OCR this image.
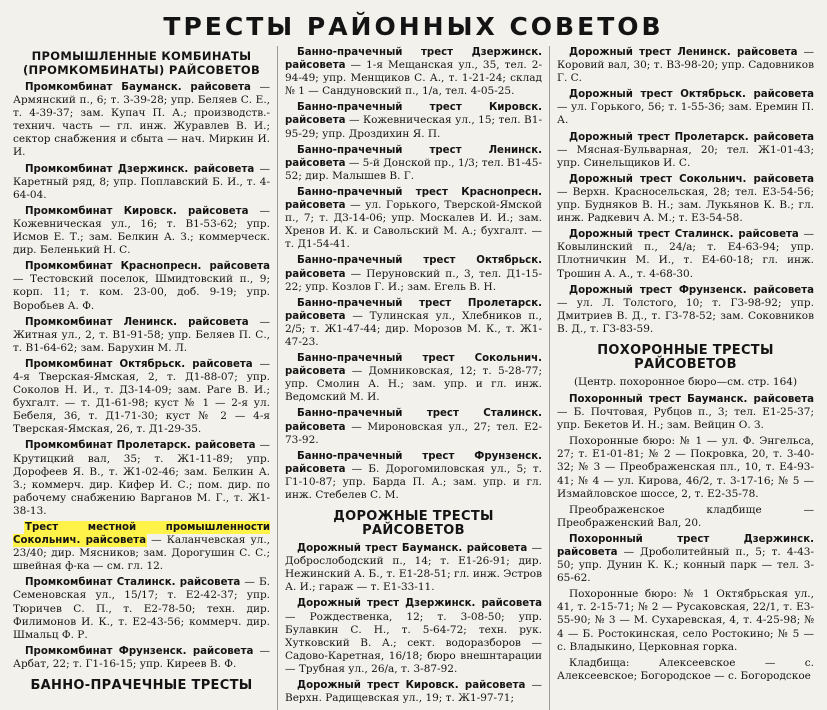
ТРЕСТЫ РАЙОННЫХ СОВЕТОВ
ПРОМЫШЛЕННЫЕ КОМБИНАТЫ
(ПРОМКОМБИНАТЫ) РАЙСОВЕТОВ

Промкомбинат Бауманск. райсовета — Армянский п., 6; т. 3-39-28; упр. Беляев С. Е., т. 4-39-37; зам. Купач П. А.; производств.-технич. часть — гл. инж. Журавлев В. И.; сектор снабжения и сбыта — нач. Миркин И. И.

Промкомбинат Дзержинск. райсовета — Каретный ряд, 8; упр. Поплавский Б. И., т. 4-64-04.

Промкомбинат Кировск. райсовета — Кожевническая ул., 16; т. В1-53-62; упр. Исмов Е. Т.; зам. Белкин А. З.; коммерческ. дир. Беленький Н. С.

Промкомбинат Краснопресн. райсовета — Тестовский поселок, Шмидтовский п., 9; корп. 11; т. ком. 23-00, доб. 9-19; упр. Воробьев А. Ф.

Промкомбинат Ленинск. райсовета — Житная ул., 2, т. В1-91-58; упр. Беляев П. С., т. В1-64-62; зам. Барухин М. Л.

Промкомбинат Октябрьск. райсовета — 4-я Тверская-Ямская, 2, т. Д1-88-07; упр. Соколов Н. И., т. Д3-14-09; зам. Раге В. И.; бухгалт. — т. Д1-61-98; куст № 1 — 2-я ул. Бебеля, 36, т. Д1-71-30; куст № 2 — 4-я Тверская-Ямская, 26, т. Д1-29-35.

Промкомбинат Пролетарск. райсовета — Крутицкий вал, 35; т. Ж1-11-89; упр. Дорофеев Я. В., т. Ж1-02-46; зам. Белкин А. З.; коммерч. дир. Кифер И. С.; пом. дир. по рабочему снабжению Варганов М. Г., т. Ж1-38-13.

Трест местной промышленности Сокольнич. райсовета — Каланчевская ул., 23/40; дир. Мясников; зам. Дорогушин С. С.; швейная ф-ка — см. гл. 12.

Промкомбинат Сталинск. райсовета — Б. Семеновская ул., 15/17; т. Е2-42-37; упр. Тюричев С. П., т. Е2-78-50; техн. дир. Филимонов И. К., т. Е2-43-56; коммерч. дир. Шмальц Ф. Р.

Промкомбинат Фрунзенск. райсовета — Арбат, 22; т. Г1-16-15; упр. Киреев В. Ф.

БАННО-ПРАЧЕЧНЫЕ ТРЕСТЫ

Банно-прачечный трест Дзержинск. райсовета — 1-я Мещанская ул., 35, тел. 2-94-49; упр. Менщиков С. А., т. 1-21-24; склад № 1 — Сандуновский п., 1/а, тел. 4-05-25.

Банно-прачечный трест Кировск. райсовета — Кожевническая ул., 15; тел. В1-95-29; упр. Дроздихин Я. П.

Банно-прачечный трест Ленинск. райсовета — 5-й Донской пр., 1/3; тел. В1-45-52; дир. Малышев В. Г.

Банно-прачечный трест Краснопресн. райсовета — ул. Горького, Тверской-Ямской п., 7; т. Д3-14-06; упр. Москалев И. И.; зам. Хренов И. К. и Савольский М. А.; бухгалт. — т. Д1-54-41.

Банно-прачечный трест Октябрьск. райсовета — Перуновский п., 3, тел. Д1-15-22; упр. Козлов Г. И.; зам. Егель В. Н.

Банно-прачечный трест Пролетарск. райсовета — Тулинская ул., Хлебников п., 2/5; т. Ж1-47-44; дир. Морозов М. К., т. Ж1-47-23.

Банно-прачечный трест Сокольнич. райсовета — Домниковская, 12; т. 5-28-77; упр. Смолин А. Н.; зам. упр. и гл. инж. Ведомский М. И.

Банно-прачечный трест Сталинск. райсовета — Мироновская ул., 27; тел. Е2-73-92.

Банно-прачечный трест Фрунзенск. райсовета — Б. Дорогомиловская ул., 5; т. Г1-10-87; упр. Барда П. А.; зам. упр. и гл. инж. Стебелев С. М.

ДОРОЖНЫЕ ТРЕСТЫ РАЙСОВЕТОВ

Дорожный трест Бауманск. райсовета — Доброслободский п., 14; т. Е1-26-91; дир. Нежинский А. Б., т. Е1-28-51; гл. инж. Эстров А. И.; гараж — т. Е1-33-11.

Дорожный трест Дзержинск. райсовета — Рождественка, 12; т. 3-08-50; упр. Булавкин С. Н., т. 5-64-72; техн. рук. Хутковский В. А.; сект. водоразборов — Садово-Каретная, 16/18; бюро внешнтарации — Трубная ул., 26/а, т. 3-87-92.

Дорожный трест Кировск. райсовета — Верхн. Радищевская ул., 19; т. Ж1-97-71;

Дорожный трест Ленинск. райсовета — Коровий вал, 30; т. В3-98-20; упр. Садовников Г. С.

Дорожный трест Октябрьск. райсовета — ул. Горького, 56; т. 1-55-36; зам. Еремин П. А.

Дорожный трест Пролетарск. райсовета — Мясная-Бульварная, 20; тел. Ж1-01-43; упр. Синельщиков И. С.

Дорожный трест Сокольнич. райсовета — Верхн. Красносельская, 28; тел. Е3-54-56; упр. Будняков В. Н.; зам. Лукьянов К. В.; гл. инж. Радкевич А. М.; т. Е3-54-58.

Дорожный трест Сталинск. райсовета — Ковылинский п., 24/а; т. Е4-63-94; упр. Плотничкин М. И., т. Е4-60-18; гл. инж. Трошин А. А., т. 4-68-30.

Дорожный трест Фрунзенск. райсовета — ул. Л. Толстого, 10; т. Г3-98-92; упр. Дмитриев В. Д., т. Г3-78-52; зам. Соковников В. Д., т. Г3-83-59.

ПОХОРОННЫЕ ТРЕСТЫ РАЙСОВЕТОВ
(Центр. похоронное бюро—см. стр. 164)

Похоронный трест Бауманск. райсовета — Б. Почтовая, Рубцов п., 3; тел. Е1-25-37; упр. Бекетов И. Н.; зам. Вейцин О. З.

Похоронные бюро: № 1 — ул. Ф. Энгельса, 27; т. Е1-01-81; № 2 — Покровка, 20, т. 3-40-32; № 3 — Преображенская пл., 10, т. Е4-93-41; № 4 — ул. Кирова, 46/2, т. 3-17-16; № 5 — Измайловское шоссе, 2, т. Е2-35-78.

Преображенское кладбище — Преображенский Вал, 20.

Похоронный трест Дзержинск. райсовета — Дроболитейный п., 5; т. 4-43-50; упр. Дунин К. К.; конный парк — тел. 3-65-62.

Похоронные бюро: № 1 Октябрьская ул., 41, т. 2-15-71; № 2 — Русаковская, 22/1, т. Е3-55-90; № 3 — М. Сухаревская, 4, т. 4-25-98; № 4 — Б. Ростокинская, село Ростокино; № 5 — с. Владыкино, Церковная горка.

Кладбища: Алексеевское — с. Алексеевское; Богородское — с. Богородское
